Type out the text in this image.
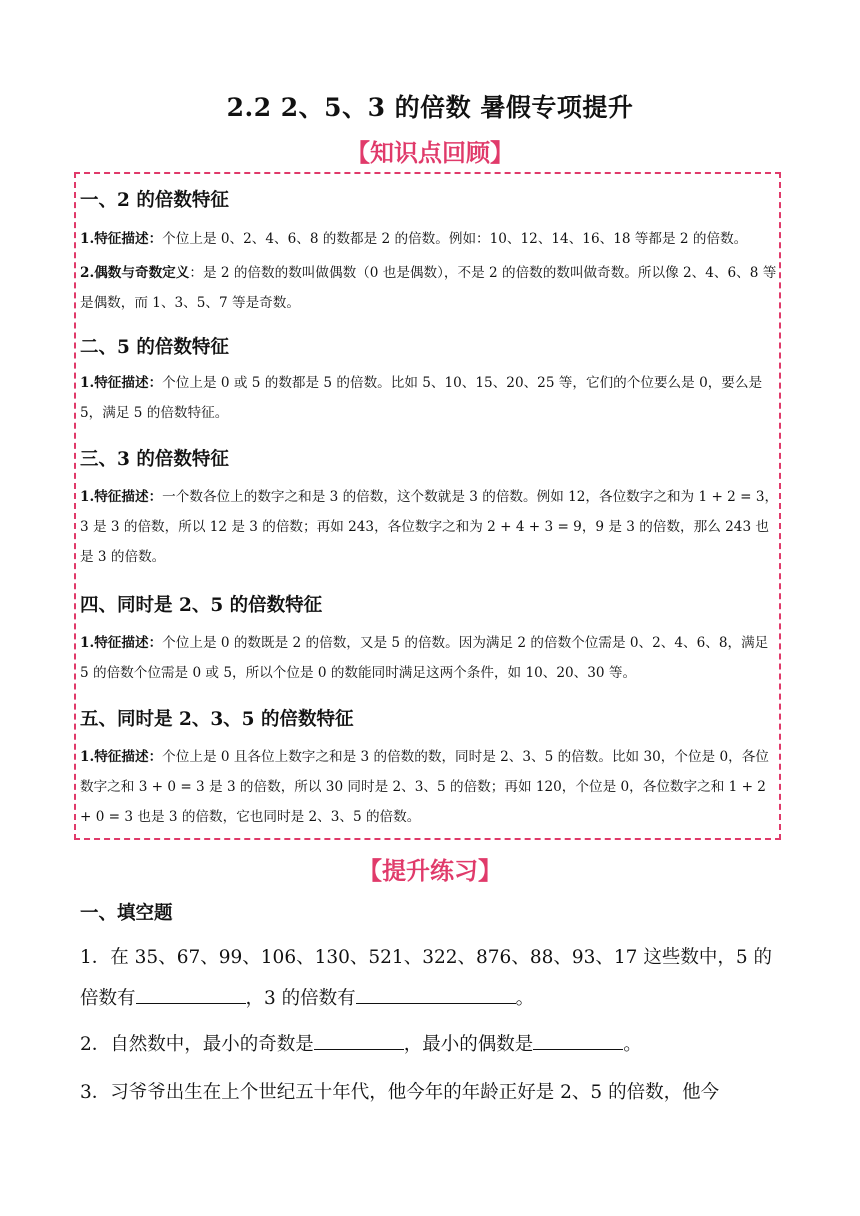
2.2 2、5、3 的倍数 暑假专项提升
【知识点回顾】
一、2 的倍数特征
1.特征描述：个位上是 0、2、4、6、8 的数都是 2 的倍数。例如：10、12、14、16、18 等都是 2 的倍数。
2.偶数与奇数定义：是 2 的倍数的数叫做偶数（0 也是偶数），不是 2 的倍数的数叫做奇数。所以像 2、4、6、8 等是偶数，而 1、3、5、7 等是奇数。
二、5 的倍数特征
1.特征描述：个位上是 0 或 5 的数都是 5 的倍数。比如 5、10、15、20、25 等，它们的个位要么是 0，要么是 5，满足 5 的倍数特征。
三、3 的倍数特征
1.特征描述：一个数各位上的数字之和是 3 的倍数，这个数就是 3 的倍数。例如 12，各位数字之和为 1 + 2 = 3，3 是 3 的倍数，所以 12 是 3 的倍数；再如 243，各位数字之和为 2 + 4 + 3 = 9，9 是 3 的倍数，那么 243 也是 3 的倍数。
四、同时是 2、5 的倍数特征
1.特征描述：个位上是 0 的数既是 2 的倍数，又是 5 的倍数。因为满足 2 的倍数个位需是 0、2、4、6、8，满足 5 的倍数个位需是 0 或 5，所以个位是 0 的数能同时满足这两个条件，如 10、20、30 等。
五、同时是 2、3、5 的倍数特征
1.特征描述：个位上是 0 且各位上数字之和是 3 的倍数的数，同时是 2、3、5 的倍数。比如 30，个位是 0，各位数字之和 3 + 0 = 3 是 3 的倍数，所以 30 同时是 2、3、5 的倍数；再如 120，个位是 0，各位数字之和 1 + 2 + 0 = 3 也是 3 的倍数，它也同时是 2、3、5 的倍数。
【提升练习】
一、填空题
1．在 35、67、99、106、130、521、322、876、88、93、17 这些数中，5 的倍数有	，3 的倍数有	。
2．自然数中，最小的奇数是	，最小的偶数是	。
3．习爷爷出生在上个世纪五十年代，他今年的年龄正好是 2、5 的倍数，他今
